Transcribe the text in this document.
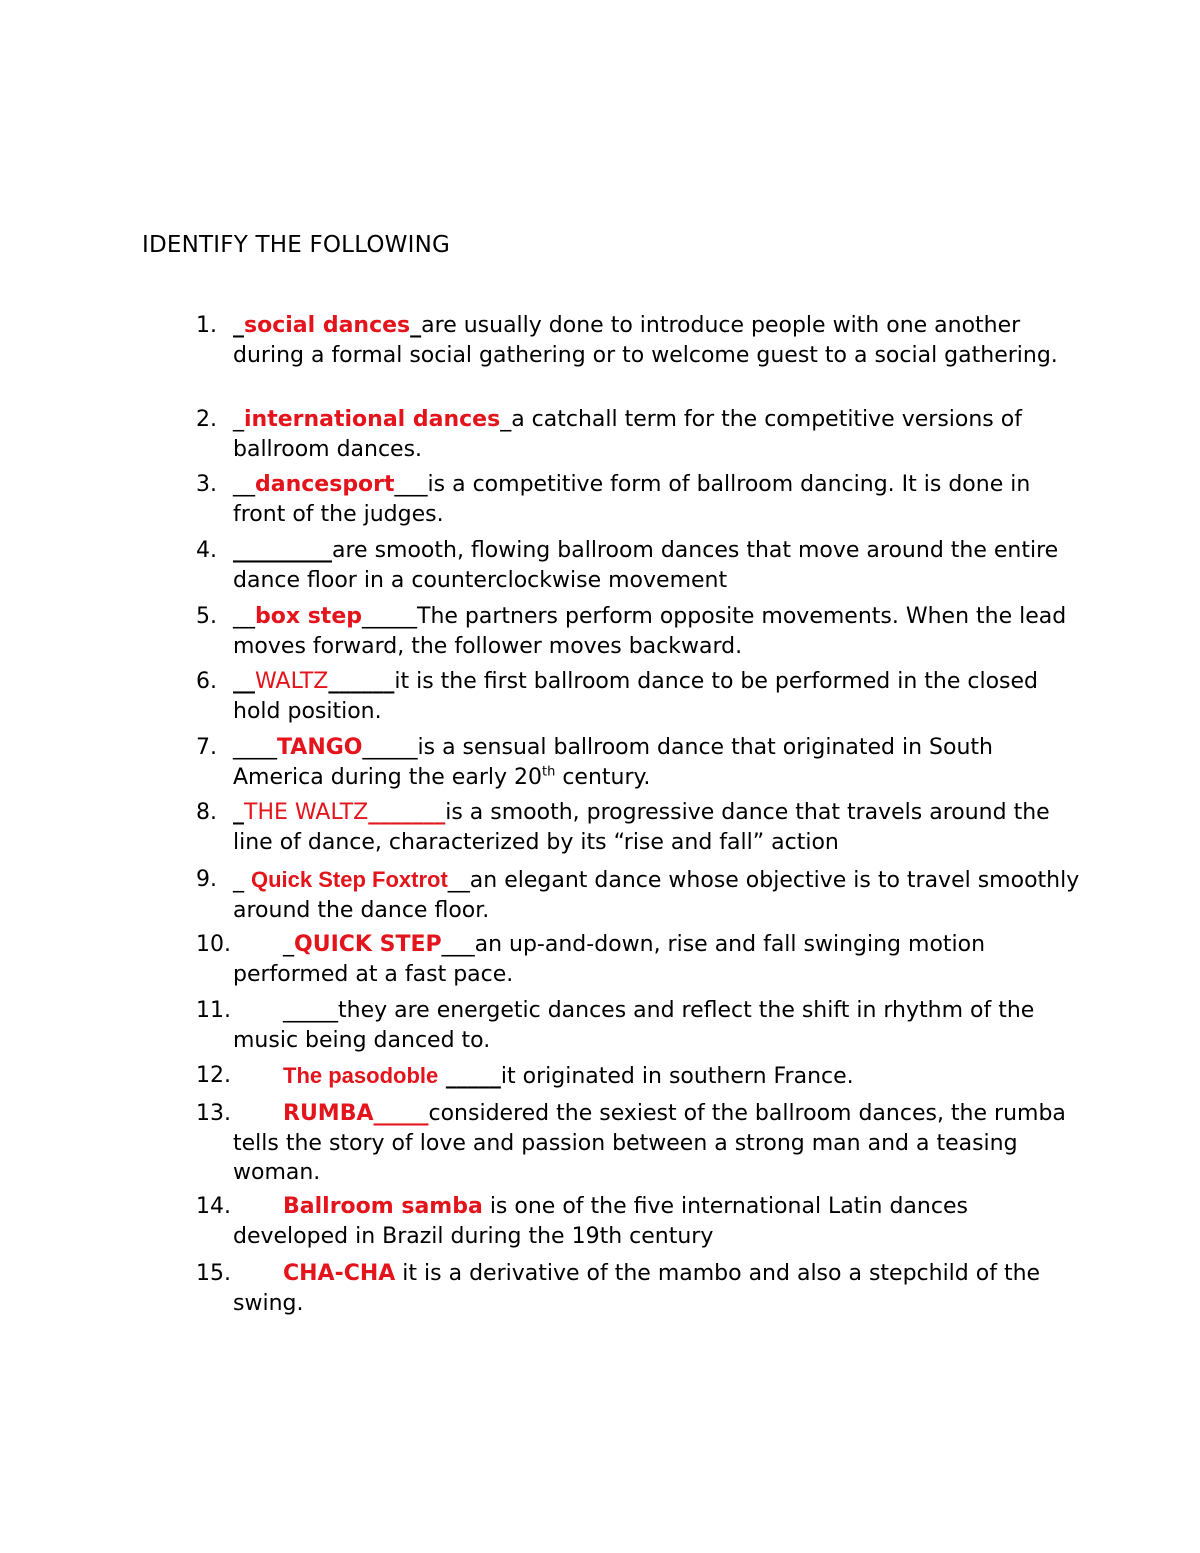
IDENTIFY THE FOLLOWING
1. _social dances_are usually done to introduce people with one another during a formal social gathering or to welcome guest to a social gathering.
2. _international dances_a catchall term for the competitive versions of ballroom dances.
3. __dancesport___is a competitive form of ballroom dancing. It is done in front of the judges.
4. _________are smooth, flowing ballroom dances that move around the entire dance floor in a counterclockwise movement
5. __box step_____The partners perform opposite movements. When the lead moves forward, the follower moves backward.
6. __WALTZ______it is the first ballroom dance to be performed in the closed hold position.
7. ____TANGO_____is a sensual ballroom dance that originated in South America during the early 20th century.
8. _THE WALTZ_______is a smooth, progressive dance that travels around the line of dance, characterized by its “rise and fall” action
9. _ Quick Step Foxtrot__an elegant dance whose objective is to travel smoothly around the dance floor.
10.	_QUICK STEP___an up-and-down, rise and fall swinging motion performed at a fast pace.
11.	_____they are energetic dances and reflect the shift in rhythm of the music being danced to.
12.	The pasodoble _____it originated in southern France.
13.	RUMBA_____considered the sexiest of the ballroom dances, the rumba tells the story of love and passion between a strong man and a teasing woman.
14.	Ballroom samba is one of the five international Latin dances developed in Brazil during the 19th century
15.	CHA-CHA it is a derivative of the mambo and also a stepchild of the swing.
